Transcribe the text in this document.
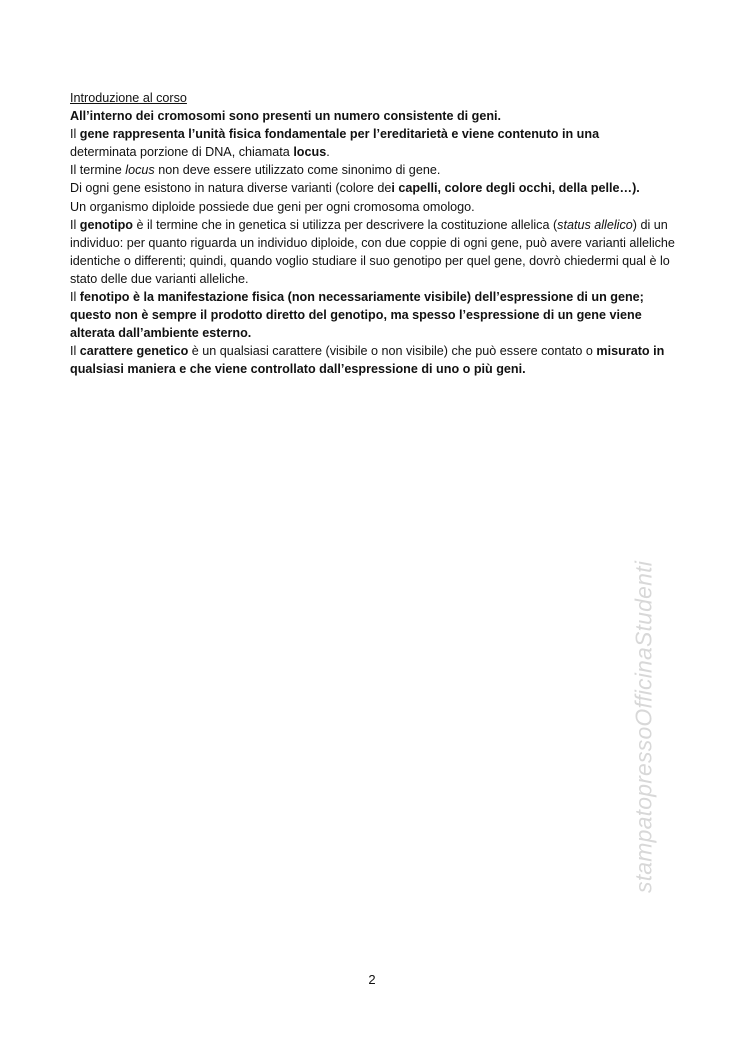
Introduzione al corso

All’interno dei cromosomi sono presenti un numero consistente di geni.

Il gene rappresenta l’unità fisica fondamentale per l’ereditarietà e viene contenuto in una
determinata porzione di DNA, chiamata locus.

Il termine locus non deve essere utilizzato come sinonimo di gene.

Di ogni gene esistono in natura diverse varianti (colore dei capelli, colore degli occhi, della pelle…).

Un organismo diploide possiede due geni per ogni cromosoma omologo.

Il genotipo è il termine che in genetica si utilizza per descrivere la costituzione allelica (status allelico) di un individuo: per quanto riguarda un individuo diploide, con due coppie di ogni gene, può avere varianti alleliche identiche o differenti; quindi, quando voglio studiare il suo genotipo per quel gene, dovrò chiedermi qual è lo stato delle due varianti alleliche.

Il fenotipo è la manifestazione fisica (non necessariamente visibile) dell’espressione di un gene; questo non è sempre il prodotto diretto del genotipo, ma spesso l’espressione di un gene viene alterata dall’ambiente esterno.

Il carattere genetico è un qualsiasi carattere (visibile o non visibile) che può essere contato o misurato in qualsiasi maniera e che viene controllato dall’espressione di uno o più geni.

stampatopressoOfficinaStudenti
2
